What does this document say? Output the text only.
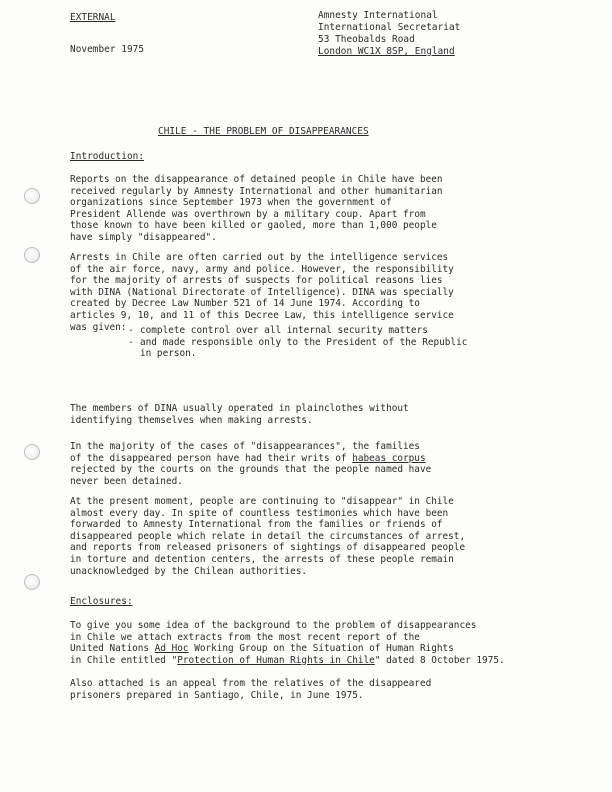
EXTERNAL
November 1975
Amnesty International
International Secretariat
53 Theobalds Road
London WC1X 8SP, England
CHILE - THE PROBLEM OF DISAPPEARANCES
Introduction:

Reports on the disappearance of detained people in Chile have been
received regularly by Amnesty International and other humanitarian
organizations since September 1973 when the government of
President Allende was overthrown by a military coup. Apart from
those known to have been killed or gaoled, more than 1,000 people
have simply "disappeared".

Arrests in Chile are often carried out by the intelligence services
of the air force, navy, army and police. However, the responsibility
for the majority of arrests of suspects for political reasons lies
with DINA (National Directorate of Intelligence). DINA was specially
created by Decree Law Number 521 of 14 June 1974. According to
articles 9, 10, and 11 of this Decree Law, this intelligence service
was given:

-	complete control over all internal security matters
- and made responsible only to the President of the Republic
in person.

The members of DINA usually operated in plainclothes without
identifying themselves when making arrests.

In the majority of the cases of "disappearances", the families
of the disappeared person have had their writs of habeas corpus
rejected by the courts on the grounds that the people named have
never been detained.

At the present moment, people are continuing to "disappear" in Chile
almost every day. In spite of countless testimonies which have been
forwarded to Amnesty International from the families or friends of
disappeared people which relate in detail the circumstances of arrest,
and reports from released prisoners of sightings of disappeared people
in torture and detention centers, the arrests of these people remain
unacknowledged by the Chilean authorities.

Enclosures:

To give you some idea of the background to the problem of disappearances
in Chile we attach extracts from the most recent report of the
United Nations Ad Hoc Working Group on the Situation of Human Rights
in Chile entitled "Protection of Human Rights in Chile" dated 8 October 1975.

Also attached is an appeal from the relatives of the disappeared
prisoners prepared in Santiago, Chile, in June 1975.
